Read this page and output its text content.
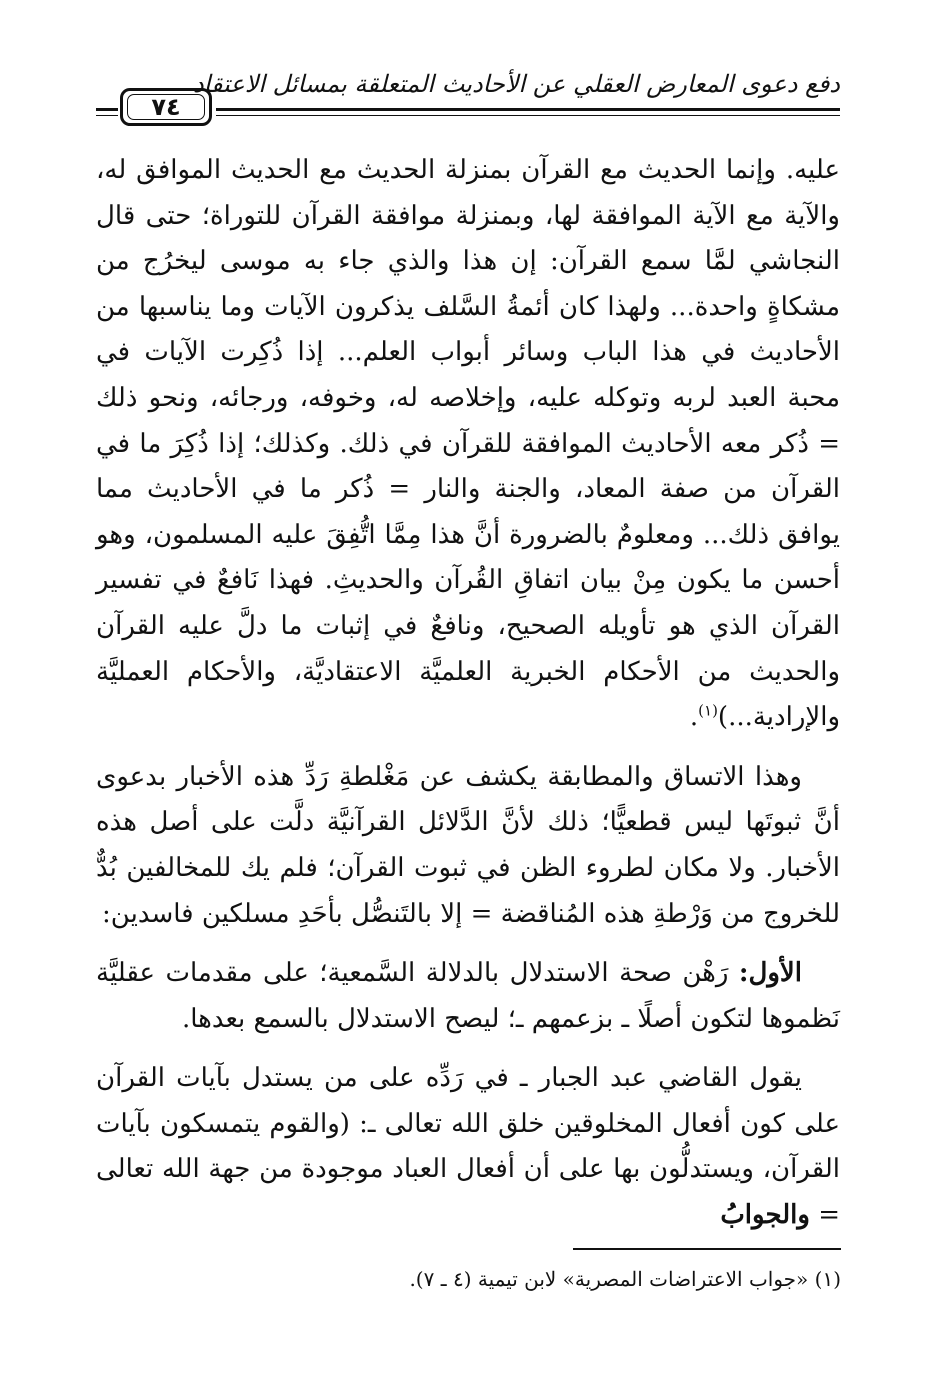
دفع دعوى المعارض العقلي عن الأحاديث المتعلقة بمسائل الاعتقاد
٧٤

عليه. وإنما الحديث مع القرآن بمنزلة الحديث مع الحديث الموافق له، والآية مع الآية الموافقة لها، وبمنزلة موافقة القرآن للتوراة؛ حتى قال النجاشي لمَّا سمع القرآن: إن هذا والذي جاء به موسى ليخرُج من مشكاةٍ واحدة... ولهذا كان أئمةُ السَّلف يذكرون الآيات وما يناسبها من الأحاديث في هذا الباب وسائر أبواب العلم... إذا ذُكِرت الآيات في محبة العبد لربه وتوكله عليه، وإخلاصه له، وخوفه، ورجائه، ونحو ذلك = ذُكر معه الأحاديث الموافقة للقرآن في ذلك. وكذلك؛ إذا ذُكِرَ ما في القرآن من صفة المعاد، والجنة والنار = ذُكر ما في الأحاديث مما يوافق ذلك... ومعلومٌ بالضرورة أنَّ هذا مِمَّا اتُّفِقَ عليه المسلمون، وهو أحسن ما يكون مِنْ بيان اتفاقِ القُرآن والحديثِ. فهذا نَافعٌ في تفسير القرآن الذي هو تأويله الصحيح، ونافعٌ في إثبات ما دلَّ عليه القرآن والحديث من الأحكام الخبرية العلميَّة الاعتقاديَّة، والأحكام العمليَّة والإرادية...)$^{(١)}$.

وهذا الاتساق والمطابقة يكشف عن مَغْلطةِ رَدِّ هذه الأخبار بدعوى أنَّ ثبوتَها ليس قطعيًّا؛ ذلك لأنَّ الدَّلائل القرآنيَّة دلَّت على أصل هذه الأخبار. ولا مكان لطروء الظن في ثبوت القرآن؛ فلم يك للمخالفين بُدٌّ للخروج من وَرْطةِ هذه المُناقضة = إلا بالتَنصُّل بأحَدِ مسلكين فاسدين:

الأول: رَهْن صحة الاستدلال بالدلالة السَّمعية؛ على مقدمات عقليَّة نَظموها لتكون أصلًا ـ بزعمهم ـ؛ ليصح الاستدلال بالسمع بعدها.

يقول القاضي عبد الجبار ـ في رَدِّه على من يستدل بآيات القرآن على كون أفعال المخلوقين خلق الله تعالى ـ: (والقوم يتمسكون بآيات القرآن، ويستدلُّون بها على أن أفعال العباد موجودة من جهة الله تعالى = والجوابُ

(١) «جواب الاعتراضات المصرية» لابن تيمية (٤ ـ ٧).
